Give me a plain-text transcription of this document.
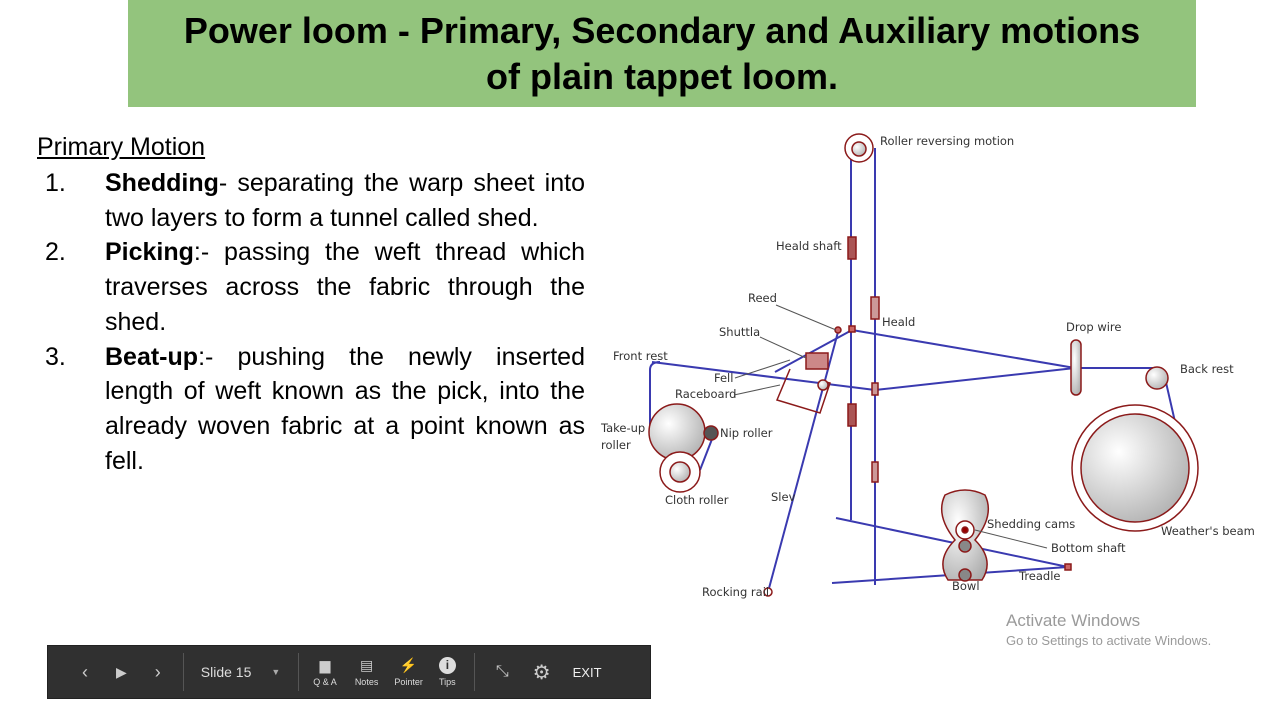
Power loom - Primary, Secondary and Auxiliary motions
of plain tappet loom.
Primary Motion
1.	Shedding- separating the warp sheet into two layers to form a tunnel called shed.
2.	Picking:- passing the weft thread which traverses across the fabric through the shed.
3.	Beat-up:- pushing the newly inserted length of weft known as the pick, into the already woven fabric at a point known as fell.
Roller reversing motion
Heald shaft
Reed
Heald
Shuttla	Drop wire
Front rest
Back rest
Fell
Raceboard
Take-up
roller
Nip roller
Cloth roller	Slev
Shedding cams
Bottom shaft
Weather's beam
Treadle
Bowl
Rocking rail
Activate Windows
Go to Settings to activate Windows.
‹ ▶ ›	Slide 15 ▼	▆
Q & A
▤
Notes
⚡
Pointer
i
Tips
⤡ ⚙ EXIT
